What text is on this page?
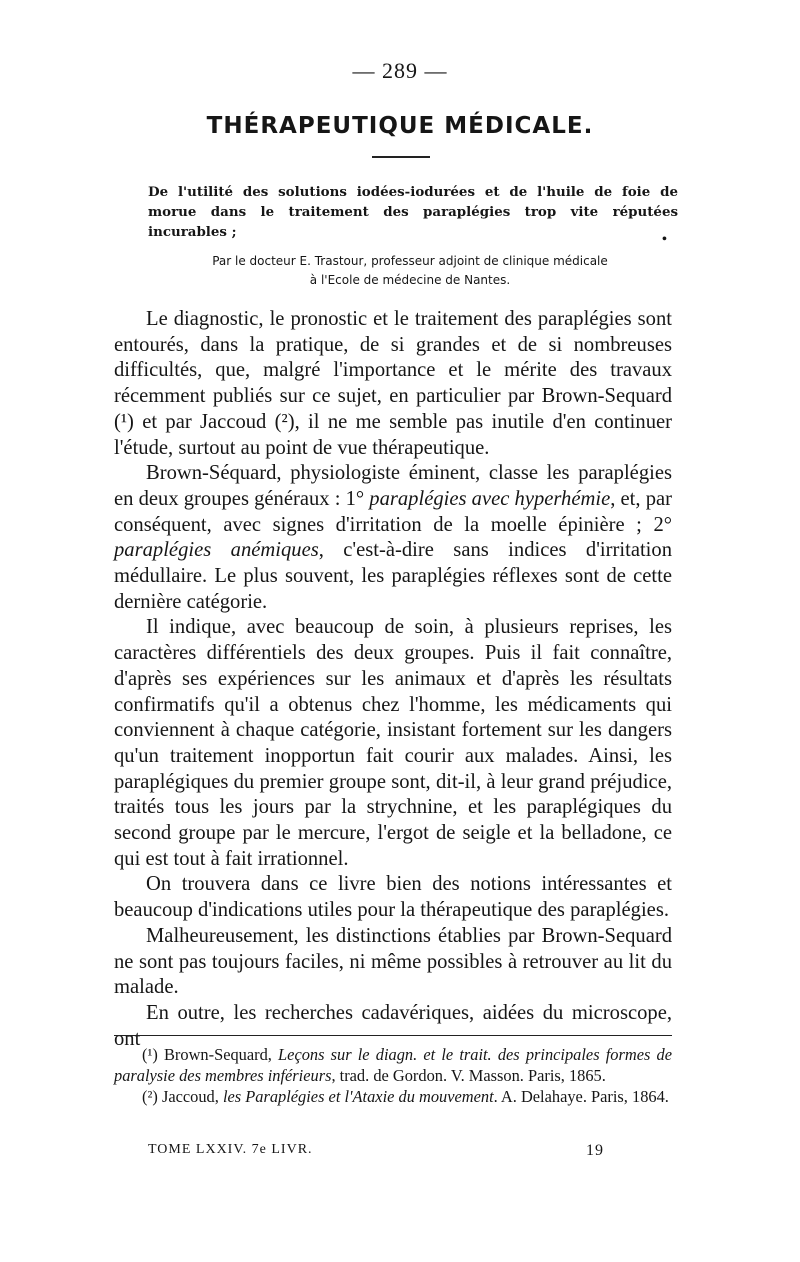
— 289 —
THÉRAPEUTIQUE MÉDICALE.
De l'utilité des solutions iodées-iodurées et de l'huile de foie de morue dans le traitement des paraplégies trop vite réputées incurables ;	•
Par le docteur E. Trastour, professeur adjoint de clinique médicale
à l'Ecole de médecine de Nantes.

Le diagnostic, le pronostic et le traitement des paraplégies sont entourés, dans la pratique, de si grandes et de si nombreuses difficultés, que, malgré l'importance et le mérite des travaux récemment publiés sur ce sujet, en particulier par Brown-Sequard (¹) et par Jaccoud (²), il ne me semble pas inutile d'en continuer l'étude, surtout au point de vue thérapeutique.

Brown-Séquard, physiologiste éminent, classe les paraplégies en deux groupes généraux : 1° paraplégies avec hyperhémie, et, par conséquent, avec signes d'irritation de la moelle épinière ; 2° paraplégies anémiques, c'est-à-dire sans indices d'irritation médullaire. Le plus souvent, les paraplégies réflexes sont de cette dernière catégorie.

Il indique, avec beaucoup de soin, à plusieurs reprises, les caractères différentiels des deux groupes. Puis il fait connaître, d'après ses expériences sur les animaux et d'après les résultats confirmatifs qu'il a obtenus chez l'homme, les médicaments qui conviennent à chaque catégorie, insistant fortement sur les dangers qu'un traitement inopportun fait courir aux malades. Ainsi, les paraplégiques du premier groupe sont, dit-il, à leur grand préjudice, traités tous les jours par la strychnine, et les paraplégiques du second groupe par le mercure, l'ergot de seigle et la belladone, ce qui est tout à fait irrationnel.

On trouvera dans ce livre bien des notions intéressantes et beaucoup d'indications utiles pour la thérapeutique des paraplégies.

Malheureusement, les distinctions établies par Brown-Sequard ne sont pas toujours faciles, ni même possibles à retrouver au lit du malade.

En outre, les recherches cadavériques, aidées du microscope, ont

(¹) Brown-Sequard, Leçons sur le diagn. et le trait. des principales formes de paralysie des membres inférieurs, trad. de Gordon. V. Masson. Paris, 1865.

(²) Jaccoud, les Paraplégies et l'Ataxie du mouvement. A. Delahaye. Paris, 1864.

TOME LXXIV. 7e LIVR.	19
